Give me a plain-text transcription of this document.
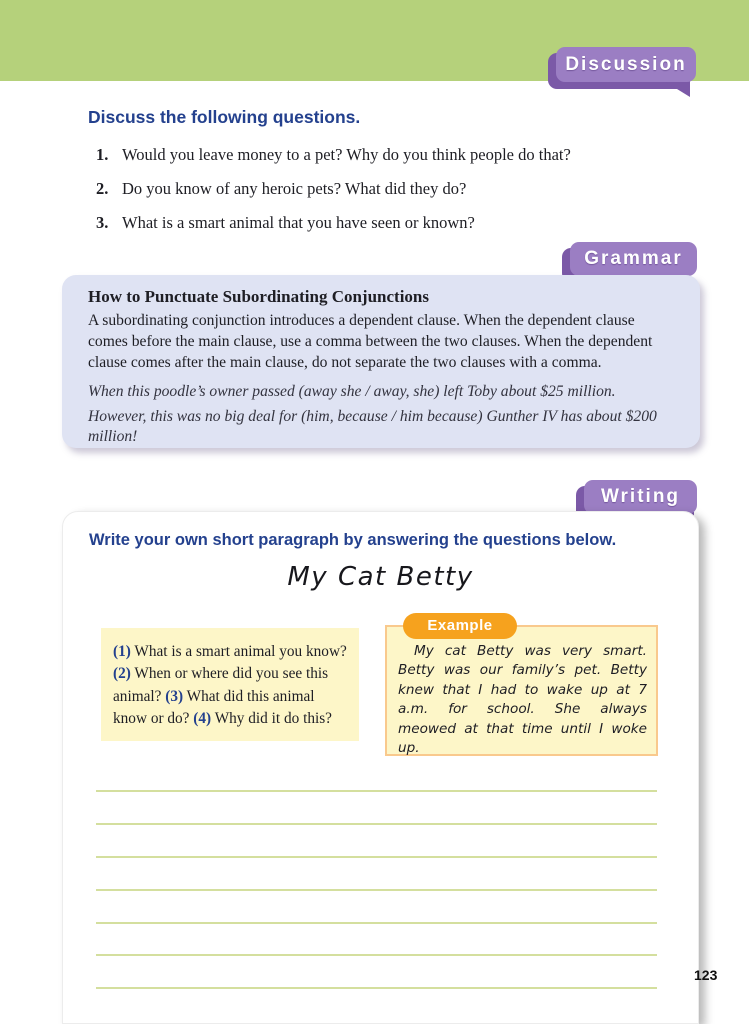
Discussion
Discuss the following questions.
1. Would you leave money to a pet? Why do you think people do that?
2. Do you know of any heroic pets? What did they do?
3. What is a smart animal that you have seen or known?
Grammar
How to Punctuate Subordinating Conjunctions
A subordinating conjunction introduces a dependent clause. When the dependent clause comes before the main clause, use a comma between the two clauses. When the dependent clause comes after the main clause, do not separate the two clauses with a comma.
When this poodle’s owner passed (away she / away, she) left Toby about $25 million.
However, this was no big deal for (him, because / him because) Gunther IV has about $200 million!
Writing
Write your own short paragraph by answering the questions below.
My Cat Betty
(1) What is a smart animal you know? (2) When or where did you see this animal? (3) What did this animal know or do? (4) Why did it do this?
Example
My cat Betty was very smart. Betty was our family’s pet. Betty knew that I had to wake up at 7 a.m. for school. She always meowed at that time until I woke up.
123
